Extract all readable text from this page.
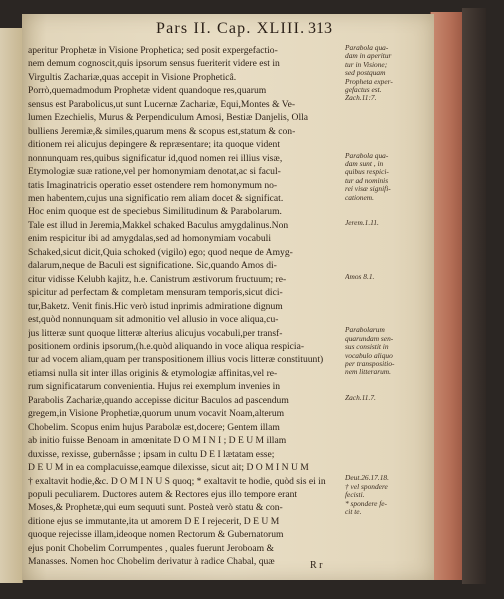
Pars II. Cap. XLIII. 313
aperitur Prophetæ in Visione Prophetica; sed posit expergefactio-
nem demum cognoscit,quis ipsorum sensus fueriterit videre est in
Virgultis Zachariæ,quas accepit in Visione Propheticâ.
Porrò,quemadmodum Prophetæ vident quandoque res,quarum
sensus est Parabolicus,ut sunt Lucernæ Zachariæ, Equi,Montes & Ve-
lumen Ezechielis, Murus & Perpendiculum Amosi, Bestiæ Danjelis, Olla
bulliens Jeremiæ,& similes,quarum mens & scopus est,statum & con-
ditionem rei alicujus depingere & repræsentare; ita quoque vident
nonnunquam res,quibus significatur id,quod nomen rei illius visæ,
Etymologiæ suæ ratione,vel per homonymiam denotat,ac si facul-
tatis Imaginatricis operatio esset ostendere rem homonymum no-
men habentem,cujus una significatio rem aliam docet & significat.
Hoc enim quoque est de speciebus Similitudinum & Parabolarum.
Tale est illud in Jeremia,Makkel schaked Baculus amygdalinus.Non
enim respicitur ibi ad amygdalas,sed ad homonymiam vocabuli
Schaked,sicut dicit,Quia schoked (vigilo) ego; quod neque de Amyg-
dalarum,neque de Baculi est significatione. Sic,quando Amos di-
citur vidisse Kelubh kajitz, h.e. Canistrum æstivorum fructuum; re-
spicitur ad perfectam & completam mensuram temporis,sicut dici-
tur,Baketz. Venit finis.Hic verò istud inprimis admiratione dignum
est,quòd nonnunquam sit admonitio vel allusio in voce aliqua,cu-
jus litteræ sunt quoque litteræ alterius alicujus vocabuli,per transf-
positionem ordinis ipsorum,(h.e.quòd aliquando in voce aliqua respicia-
tur ad vocem aliam,quam per transpositionem illius vocis litteræ constituunt)
etiamsi nulla sit inter illas originis & etymologiæ affinitas,vel re-
rum significatarum convenientia. Hujus rei exemplum invenies in
Parabolis Zachariæ,quando accepisse dicitur Baculos ad pascendum
gregem,in Visione Prophetiæ,quorum unum vocavit Noam,alterum
Chobelim. Scopus enim hujus Parabolæ est,docere; Gentem illam
ab initio fuisse Benoam in amœnitate D O M I N I ; D E U M illam
duxisse, rexisse, gubernâsse ; ipsam in cultu D E I lætatam esse;
D E U M in ea complacuisse,eamque dilexisse, sicut ait; D O M I N U M
† exaltavit hodie,&c. D O M I N U S quoq; * exaltavit te hodie, quòd sis ei in
populi peculiarem. Ductores autem & Rectores ejus illo tempore erant
Moses,& Prophetæ,qui eum sequuti sunt. Posteà verò statu & con-
ditione ejus se immutante,ita ut amorem D E I rejecerit, D E U M
quoque rejecisse illam,ideoque nomen Rectorum & Gubernatorum
ejus ponit Chobelim Corrumpentes , quales fuerunt Jeroboam &
Manasses. Nomen hoc Chobelim derivatur à radice Chabal, quæ
Parabola qua-
dam in aperitur
tur in Visione;
sed postquam
Propheta exper-
gefactus est.
Zach.11:7.
Parabola qua-
dam sunt , in
quibus respici-
tur ad nominis
rei visæ signifi-
cationem.
Jerem.1.11.
Amos 8.1.
Parabolarum
quarundam sen-
sus consistit in
vocabulo aliquo
per transpositio-
nem litterarum.
Zach.11.7.
Deut.26.17.18.
† vel spondere
fecisti.
* spondere fe-
cit te.
R r
